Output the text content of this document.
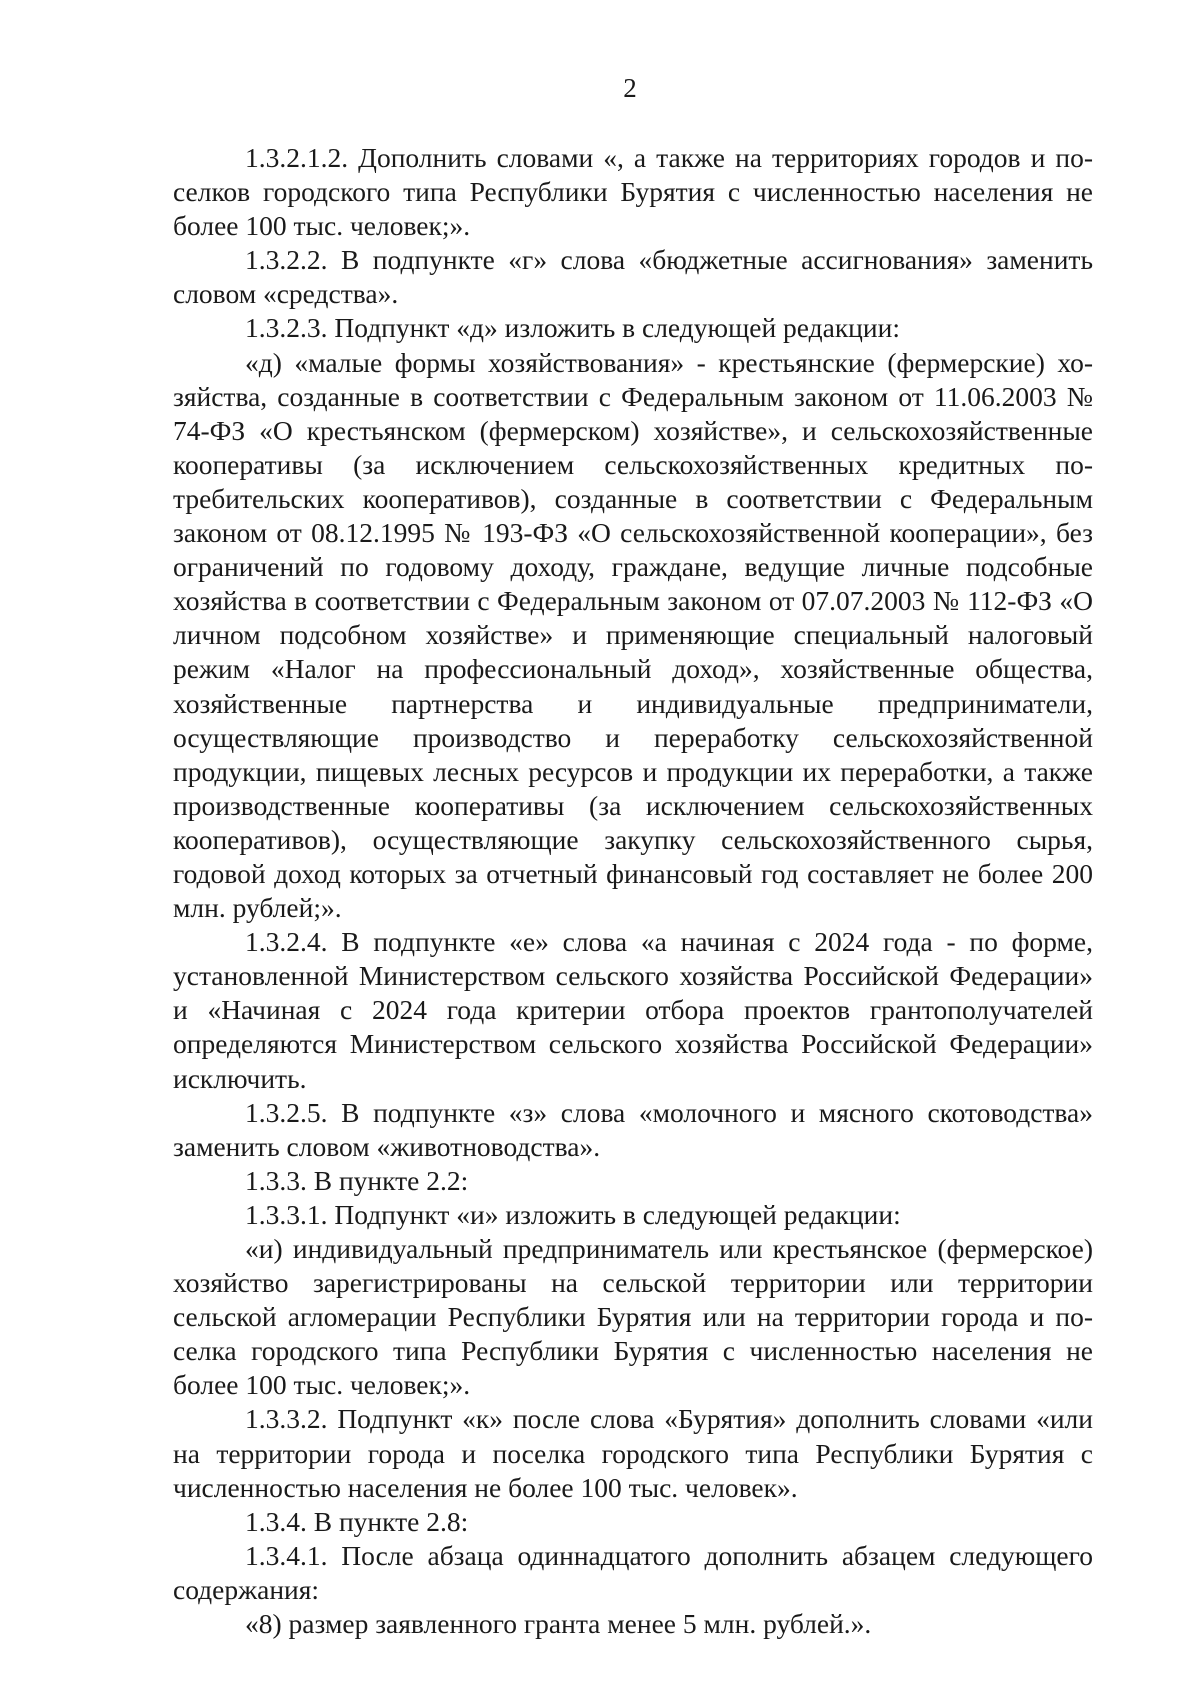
2

1.3.2.1.2. Дополнить словами «, а также на территориях городов и поселков городского типа Республики Бурятия с численностью населения не более 100 тыс. человек;».

1.3.2.2. В подпункте «г» слова «бюджетные ассигнования» заменить словом «средства».

1.3.2.3. Подпункт «д» изложить в следующей редакции:

«д) «малые формы хозяйствования» - крестьянские (фермерские) хозяйства, созданные в соответствии с Федеральным законом от 11.06.2003 № 74-ФЗ «О крестьянском (фермерском) хозяйстве», и сельскохозяйственные кооперативы (за исключением сельскохозяйственных кредитных потребительских кооперативов), созданные в соответствии с Федеральным законом от 08.12.1995 № 193-ФЗ «О сельскохозяйственной кооперации», без ограничений по годовому доходу, граждане, ведущие личные подсобные хозяйства в соответствии с Федеральным законом от 07.07.2003 № 112-ФЗ «О личном подсобном хозяйстве» и применяющие специальный налоговый режим «Налог на профессиональный доход», хозяйственные общества, хозяйственные партнерства и индивидуальные предприниматели, осуществляющие производство и переработку сельскохозяйственной продукции, пищевых лесных ресурсов и продукции их переработки, а также производственные кооперативы (за исключением сельскохозяйственных кооперативов), осуществляющие закупку сельскохозяйственного сырья, годовой доход которых за отчетный финансовый год составляет не более 200 млн. рублей;».

1.3.2.4. В подпункте «е» слова «а начиная с 2024 года - по форме, установленной Министерством сельского хозяйства Российской Федерации» и «Начиная с 2024 года критерии отбора проектов грантополучателей определяются Министерством сельского хозяйства Российской Федерации» исключить.

1.3.2.5. В подпункте «з» слова «молочного и мясного скотоводства» заменить словом «животноводства».

1.3.3. В пункте 2.2:

1.3.3.1. Подпункт «и» изложить в следующей редакции:

«и) индивидуальный предприниматель или крестьянское (фермерское) хозяйство зарегистрированы на сельской территории или территории сельской агломерации Республики Бурятия или на территории города и поселка городского типа Республики Бурятия с численностью населения не более 100 тыс. человек;».

1.3.3.2. Подпункт «к» после слова «Бурятия» дополнить словами «или на территории города и поселка городского типа Республики Бурятия с численностью населения не более 100 тыс. человек».

1.3.4. В пункте 2.8:

1.3.4.1. После абзаца одиннадцатого дополнить абзацем следующего содержания:

«8) размер заявленного гранта менее 5 млн. рублей.».
